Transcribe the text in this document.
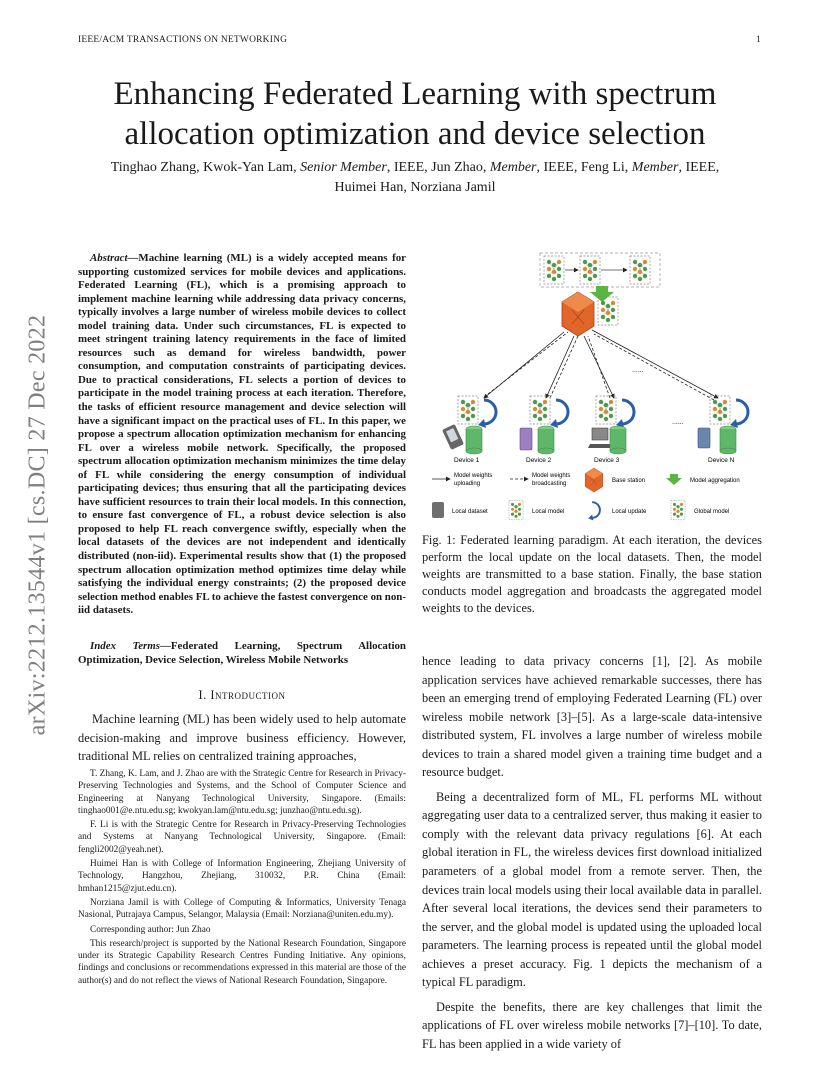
IEEE/ACM TRANSACTIONS ON NETWORKING	1
arXiv:2212.13544v1 [cs.DC] 27 Dec 2022
Enhancing Federated Learning with spectrum
allocation optimization and device selection
Tinghao Zhang, Kwok-Yan Lam, Senior Member, IEEE, Jun Zhao, Member, IEEE, Feng Li, Member, IEEE,
Huimei Han, Norziana Jamil

Abstract—Machine learning (ML) is a widely accepted means for supporting customized services for mobile devices and applications. Federated Learning (FL), which is a promising approach to implement machine learning while addressing data privacy concerns, typically involves a large number of wireless mobile devices to collect model training data. Under such circumstances, FL is expected to meet stringent training latency requirements in the face of limited resources such as demand for wireless bandwidth, power consumption, and computation constraints of participating devices. Due to practical considerations, FL selects a portion of devices to participate in the model training process at each iteration. Therefore, the tasks of efficient resource management and device selection will have a significant impact on the practical uses of FL. In this paper, we propose a spectrum allocation optimization mechanism for enhancing FL over a wireless mobile network. Specifically, the proposed spectrum allocation optimization mechanism minimizes the time delay of FL while considering the energy consumption of individual participating devices; thus ensuring that all the participating devices have sufficient resources to train their local models. In this connection, to ensure fast convergence of FL, a robust device selection is also proposed to help FL reach convergence swiftly, especially when the local datasets of the devices are not independent and identically distributed (non-iid). Experimental results show that (1) the proposed spectrum allocation optimization method optimizes time delay while satisfying the individual energy constraints; (2) the proposed device selection method enables FL to achieve the fastest convergence on non-iid datasets.

Index Terms—Federated Learning, Spectrum Allocation Optimization, Device Selection, Wireless Mobile Networks

I. Introduction

Machine learning (ML) has been widely used to help automate decision-making and improve business efficiency. However, traditional ML relies on centralized training approaches,

T. Zhang, K. Lam, and J. Zhao are with the Strategic Centre for Research in Privacy-Preserving Technologies and Systems, and the School of Computer Science and Engineering at Nanyang Technological University, Singapore. (Emails: tinghao001@e.ntu.edu.sg; kwokyan.lam@ntu.edu.sg; junzhao@ntu.edu.sg).

F. Li is with the Strategic Centre for Research in Privacy-Preserving Technologies and Systems at Nanyang Technological University, Singapore. (Email: fengli2002@yeah.net).

Huimei Han is with College of Information Engineering, Zhejiang University of Technology, Hangzhou, Zhejiang, 310032, P.R. China (Email: hmhan1215@zjut.edu.cn).

Norziana Jamil is with College of Computing & Informatics, University Tenaga Nasional, Putrajaya Campus, Selangor, Malaysia (Email: Norziana@uniten.edu.my).

Corresponding author: Jun Zhao

This research/project is supported by the National Research Foundation, Singapore under its Strategic Capability Research Centres Funding Initiative. Any opinions, findings and conclusions or recommendations expressed in this material are those of the author(s) and do not reflect the views of National Research Foundation, Singapore.

......
Device 1	Device 2	Device 3
......
Device N
Model weights
uploading
Model weights
broadcasting	Base station	Model aggregation
Local dataset	Local model	Local update	Global model
Fig. 1: Federated learning paradigm. At each iteration, the devices perform the local update on the local datasets. Then, the model weights are transmitted to a base station. Finally, the base station conducts model aggregation and broadcasts the aggregated model weights to the devices.

hence leading to data privacy concerns [1], [2]. As mobile application services have achieved remarkable successes, there has been an emerging trend of employing Federated Learning (FL) over wireless mobile network [3]–[5]. As a large-scale data-intensive distributed system, FL involves a large number of wireless mobile devices to train a shared model given a training time budget and a resource budget.

Being a decentralized form of ML, FL performs ML without aggregating user data to a centralized server, thus making it easier to comply with the relevant data privacy regulations [6]. At each global iteration in FL, the wireless devices first download initialized parameters of a global model from a remote server. Then, the devices train local models using their local available data in parallel. After several local iterations, the devices send their parameters to the server, and the global model is updated using the uploaded local parameters. The learning process is repeated until the global model achieves a preset accuracy. Fig. 1 depicts the mechanism of a typical FL paradigm.

Despite the benefits, there are key challenges that limit the applications of FL over wireless mobile networks [7]–[10]. To date, FL has been applied in a wide variety of
